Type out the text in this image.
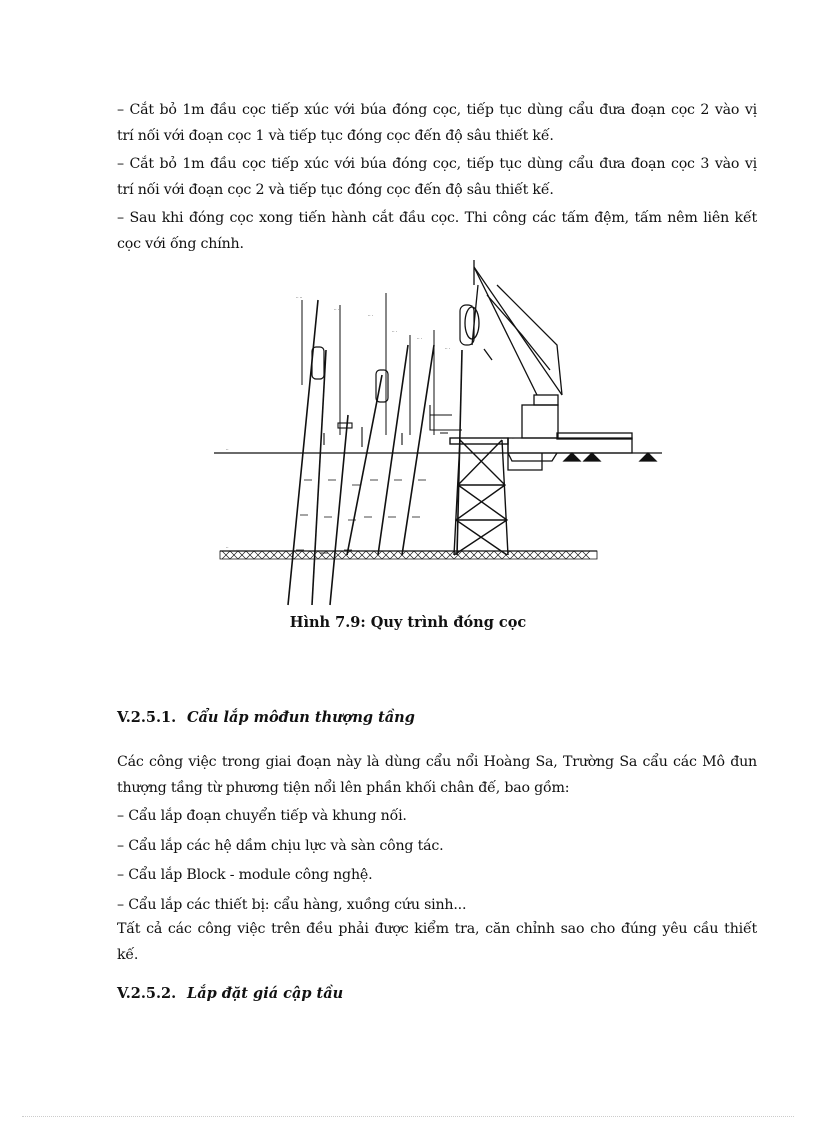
– Cắt bỏ 1m đầu cọc tiếp xúc với búa đóng cọc, tiếp tục dùng cẩu đưa đoạn cọc 2 vào vị
trí nối với đoạn cọc 1 và tiếp tục đóng cọc đến độ sâu thiết kế.
– Cắt bỏ 1m đầu cọc tiếp xúc với búa đóng cọc, tiếp tục dùng cẩu đưa đoạn cọc 3 vào vị
trí nối với đoạn cọc 2 và tiếp tục đóng cọc đến độ sâu thiết kế.
– Sau khi đóng cọc xong tiến hành cắt đầu cọc. Thi công các tấm đệm, tấm nêm liên kết
cọc với ống chính.
·· ··
·· ·
·· ·
·· ·
·· ·
·· ·
·· ··
··
··
··

Hình 7.9: Quy trình đóng cọc

V.2.5.1. Cẩu lắp môđun thượng tầng
Các công việc trong giai đoạn này là dùng cẩu nổi Hoàng Sa, Trường Sa cẩu các Mô đun
thượng tầng từ phương tiện nổi lên phần khối chân đế, bao gồm:
– Cẩu lắp đoạn chuyển tiếp và khung nối.
– Cẩu lắp các hệ dầm chịu lực và sàn công tác.
– Cẩu lắp Block - module công nghệ.
– Cẩu lắp các thiết bị: cẩu hàng, xuồng cứu sinh...
Tất cả các công việc trên đều phải được kiểm tra, căn chỉnh sao cho đúng yêu cầu thiết
kế.
V.2.5.2. Lắp đặt giá cập tầu
